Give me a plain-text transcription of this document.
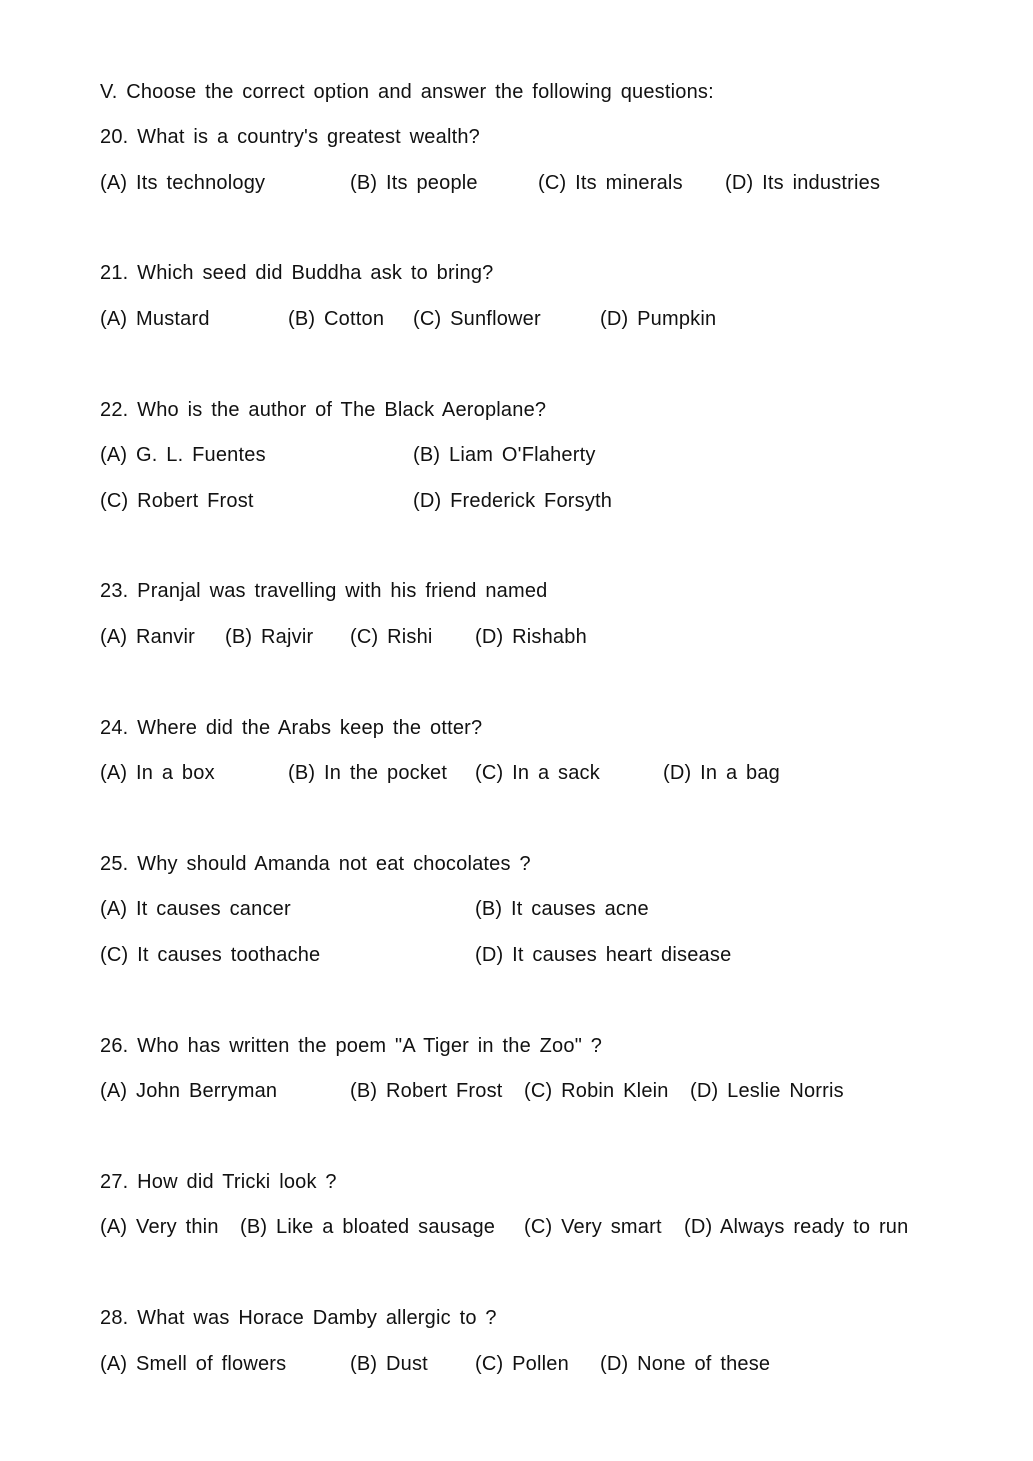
V. Choose the correct option and answer the following questions:
20. What is a country's greatest wealth?
(A) Its technology	(B) Its people	(C) Its minerals (D) Its industries
21. Which seed did Buddha ask to bring?
(A) Mustard	(B) Cotton (C) Sunflower	(D) Pumpkin
22. Who is the author of The Black Aeroplane?
(A) G. L. Fuentes	(B) Liam O'Flaherty
(C) Robert Frost	(D) Frederick Forsyth
23. Pranjal was travelling with his friend named
(A) Ranvir (B) Rajvir (C) Rishi (D) Rishabh
24. Where did the Arabs keep the otter?
(A) In a box	(B) In the pocket (C) In a sack	(D) In a bag
25. Why should Amanda not eat chocolates ?
(A) It causes cancer	(B) It causes acne
(C) It causes toothache	(D) It causes heart disease
26. Who has written the poem "A Tiger in the Zoo" ?
(A) John Berryman	(B) Robert Frost (C) Robin Klein (D) Leslie Norris
27. How did Tricki look ?
(A) Very thin (B) Like a bloated sausage (C) Very smart (D) Always ready to run
28. What was Horace Damby allergic to ?
(A) Smell of flowers	(B) Dust (C) Pollen (D) None of these
